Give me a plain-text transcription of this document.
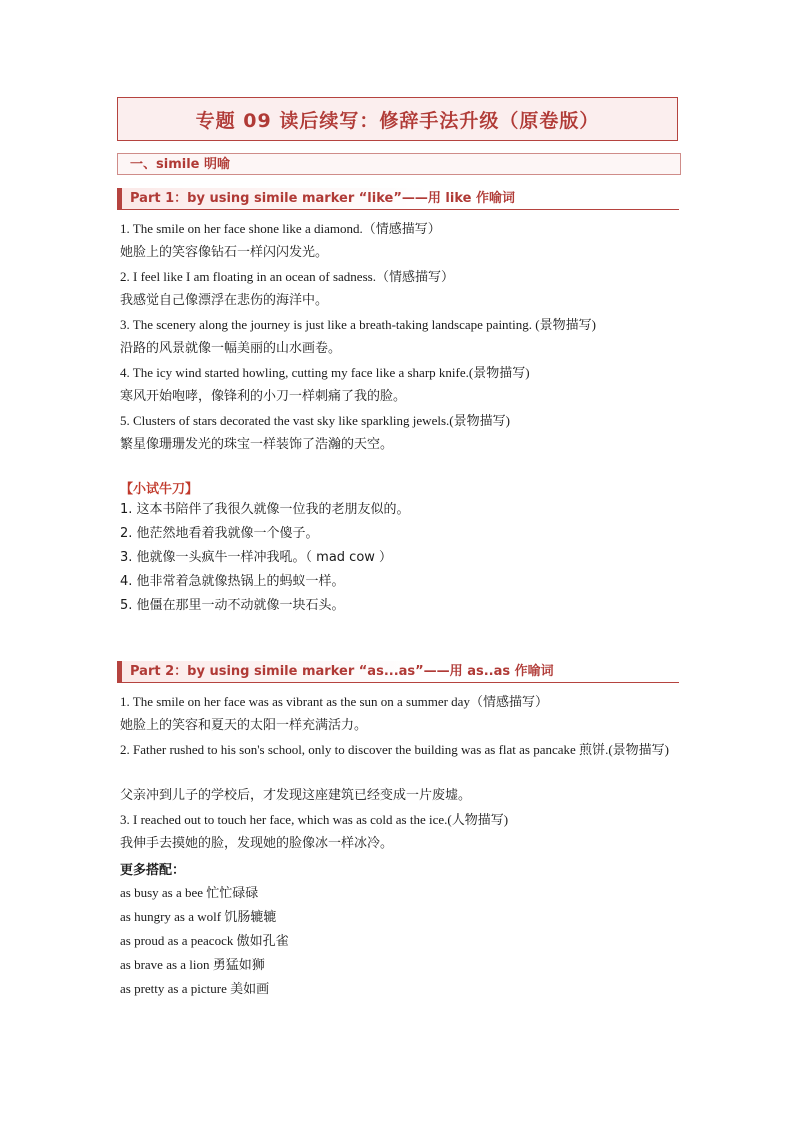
专题 09 读后续写：修辞手法升级（原卷版）
一、simile 明喻
Part 1：by using simile marker “like”——用 like 作喻词
1. The smile on her face shone like a diamond.（情感描写）
她脸上的笑容像钻石一样闪闪发光。
2. I feel like I am floating in an ocean of sadness.（情感描写）
我感觉自己像漂浮在悲伤的海洋中。
3. The scenery along the journey is just like a breath-taking landscape painting. (景物描写)
沿路的风景就像一幅美丽的山水画卷。
4. The icy wind started howling, cutting my face like a sharp knife.(景物描写)
寒风开始咆哮，像锋利的小刀一样刺痛了我的脸。
5. Clusters of stars decorated the vast sky like sparkling jewels.(景物描写)
繁星像珊珊发光的珠宝一样装饰了浩瀚的天空。
【小试牛刀】
1. 这本书陪伴了我很久就像一位我的老朋友似的。
2. 他茫然地看着我就像一个傻子。
3. 他就像一头疯牛一样冲我吼。（ mad cow ）
4. 他非常着急就像热锅上的蚂蚁一样。
5. 他僵在那里一动不动就像一块石头。
Part 2：by using simile marker “as...as”——用 as..as 作喻词
1. The smile on her face was as vibrant as the sun on a summer day（情感描写）
她脸上的笑容和夏天的太阳一样充满活力。
2. Father rushed to his son's school, only to discover the building was as flat as pancake 煎饼.(景物描写)
父亲冲到儿子的学校后，才发现这座建筑已经变成一片废墟。
3. I reached out to touch her face, which was as cold as the ice.(人物描写)
我伸手去摸她的脸，发现她的脸像冰一样冰冷。
更多搭配：
as busy as a bee 忙忙碌碌
as hungry as a wolf 饥肠辘辘
as proud as a peacock 傲如孔雀
as brave as a lion 勇猛如狮
as pretty as a picture 美如画
